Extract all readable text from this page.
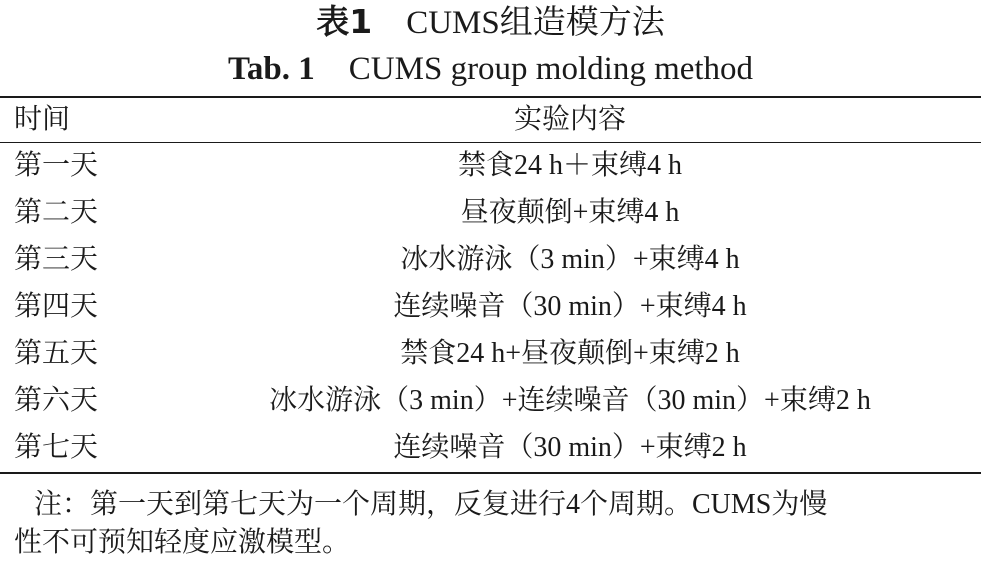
表1 CUMS组造模方法
Tab. 1 CUMS group molding method
时间	实验内容
第一天	禁食24 h＋束缚4 h
第二天	昼夜颠倒+束缚4 h
第三天	冰水游泳（3 min）+束缚4 h
第四天	连续噪音（30 min）+束缚4 h
第五天	禁食24 h+昼夜颠倒+束缚2 h
第六天	冰水游泳（3 min）+连续噪音（30 min）+束缚2 h
第七天	连续噪音（30 min）+束缚2 h
注：第一天到第七天为一个周期，反复进行4个周期。CUMS为慢
性不可预知轻度应激模型。
